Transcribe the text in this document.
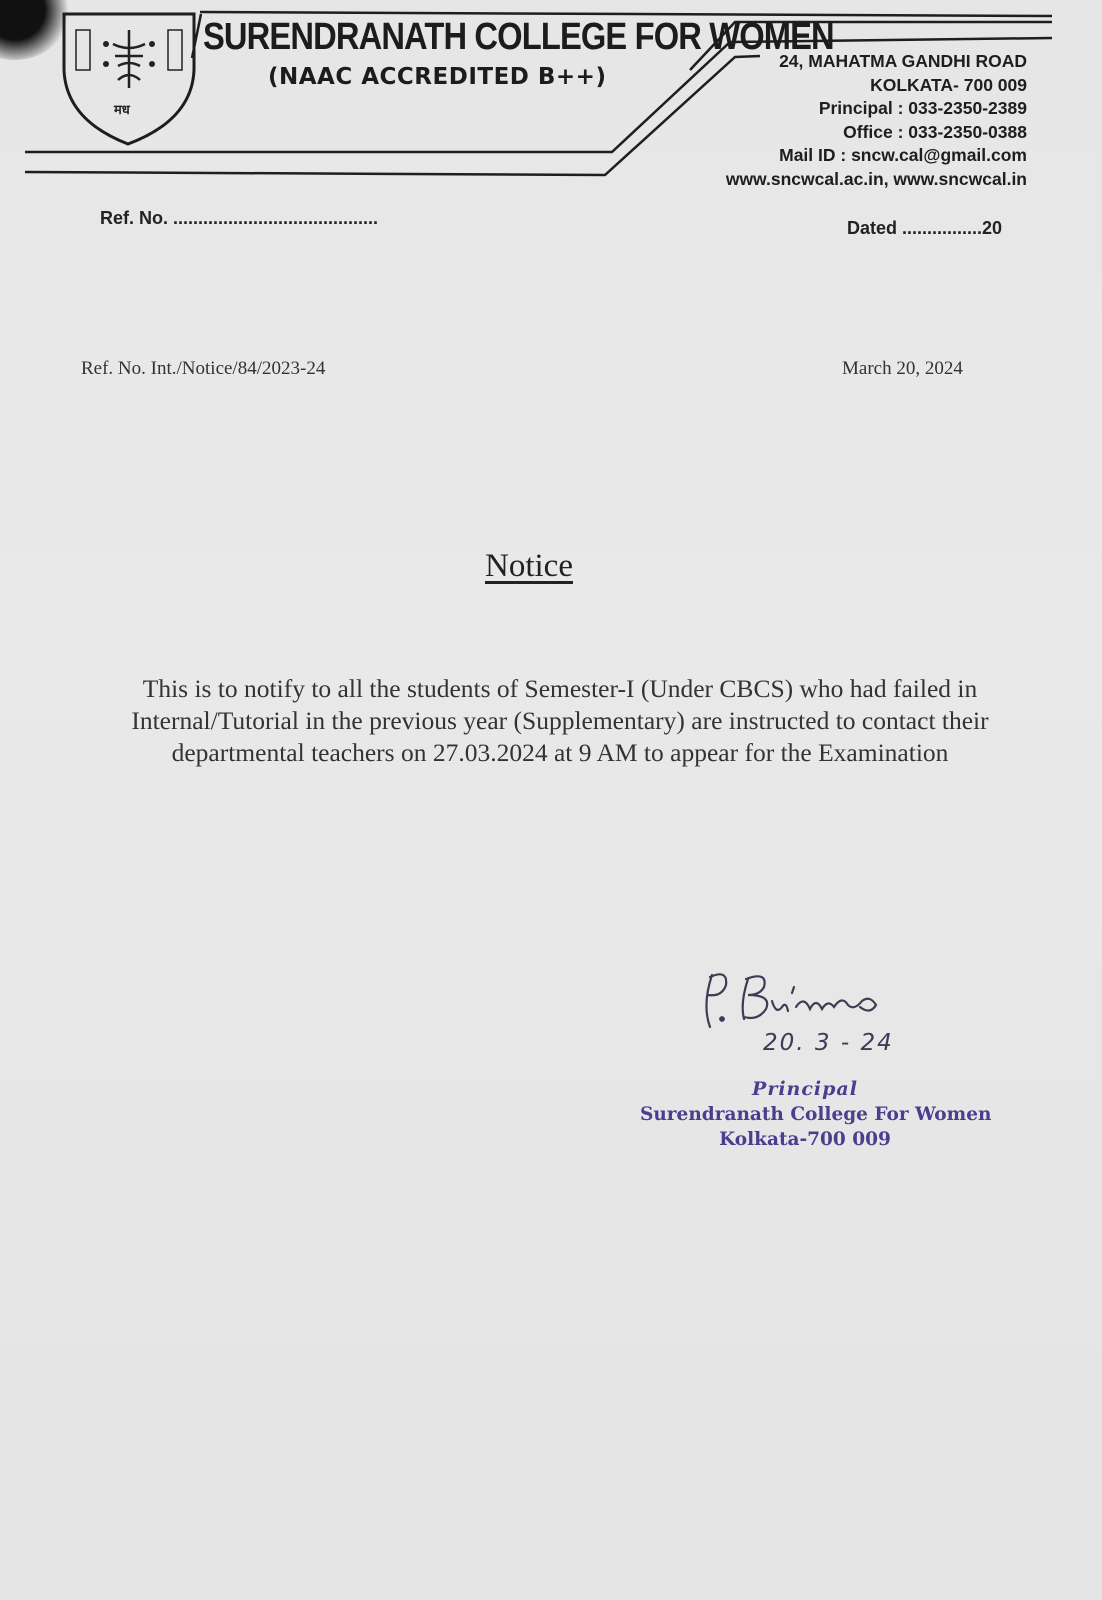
मध
SURENDRANATH COLLEGE FOR WOMEN
(NAAC ACCREDITED B++)
24, MAHATMA GANDHI ROAD
KOLKATA- 700 009
Principal : 033-2350-2389
Office : 033-2350-0388
Mail ID : sncw.cal@gmail.com
www.sncwcal.ac.in, www.sncwcal.in
Ref. No. .........................................	Dated ................20
Ref. No. Int./Notice/84/2023-24	March 20, 2024
Notice
This is to notify to all the students of Semester-I (Under CBCS) who had failed in
Internal/Tutorial in the previous year (Supplementary) are instructed to contact their
departmental teachers on 27.03.2024 at 9 AM to appear for the Examination
20. 3 - 24
Principal
Surendranath College For Women
Kolkata-700 009
